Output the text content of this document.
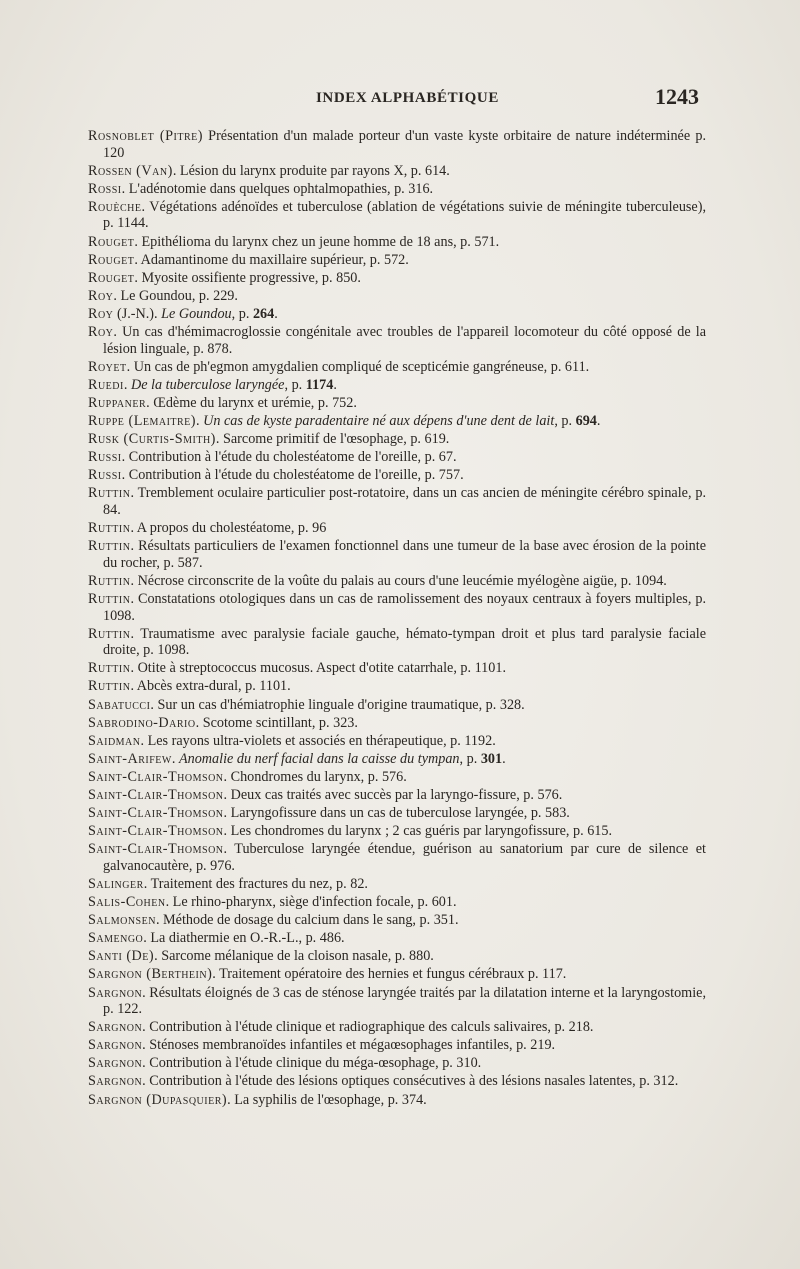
INDEX ALPHABÉTIQUE	1243

Rosnoblet (Pitre) Présentation d'un malade porteur d'un vaste kyste orbitaire de nature indéterminée p. 120

Rossen (Van). Lésion du larynx produite par rayons X, p. 614.

Rossi. L'adénotomie dans quelques ophtalmopathies, p. 316.

Rouèche. Végétations adénoïdes et tuberculose (ablation de végétations suivie de méningite tuberculeuse), p. 1144.

Rouget. Epithélioma du larynx chez un jeune homme de 18 ans, p. 571.

Rouget. Adamantinome du maxillaire supérieur, p. 572.

Rouget. Myosite ossifiente progressive, p. 850.

Roy. Le Goundou, p. 229.

Roy (J.-N.). Le Goundou, p. 264.

Roy. Un cas d'hémimacroglossie congénitale avec troubles de l'appareil locomoteur du côté opposé de la lésion linguale, p. 878.

Royet. Un cas de ph'egmon amygdalien compliqué de scepticémie gangréneuse, p. 611.

Ruedi. De la tuberculose laryngée, p. 1174.

Ruppaner. Œdème du larynx et urémie, p. 752.

Ruppe (Lemaitre). Un cas de kyste paradentaire né aux dépens d'une dent de lait, p. 694.

Rusk (Curtis-Smith). Sarcome primitif de l'œsophage, p. 619.

Russi. Contribution à l'étude du cholestéatome de l'oreille, p. 67.

Russi. Contribution à l'étude du cholestéatome de l'oreille, p. 757.

Ruttin. Tremblement oculaire particulier post-rotatoire, dans un cas ancien de méningite cérébro spinale, p. 84.

Ruttin. A propos du cholestéatome, p. 96

Ruttin. Résultats particuliers de l'examen fonctionnel dans une tumeur de la base avec érosion de la pointe du rocher, p. 587.

Ruttin. Nécrose circonscrite de la voûte du palais au cours d'une leucémie myélogène aigüe, p. 1094.

Ruttin. Constatations otologiques dans un cas de ramolissement des noyaux centraux à foyers multiples, p. 1098.

Ruttin. Traumatisme avec paralysie faciale gauche, hémato-tympan droit et plus tard paralysie faciale droite, p. 1098.

Ruttin. Otite à streptococcus mucosus. Aspect d'otite catarrhale, p. 1101.

Ruttin. Abcès extra-dural, p. 1101.

Sabatucci. Sur un cas d'hémiatrophie linguale d'origine traumatique, p. 328.

Sabrodino-Dario. Scotome scintillant, p. 323.

Saidman. Les rayons ultra-violets et associés en thérapeutique, p. 1192.

Saint-Arifew. Anomalie du nerf facial dans la caisse du tympan, p. 301.

Saint-Clair-Thomson. Chondromes du larynx, p. 576.

Saint-Clair-Thomson. Deux cas traités avec succès par la laryngo-fissure, p. 576.

Saint-Clair-Thomson. Laryngofissure dans un cas de tuberculose laryngée, p. 583.

Saint-Clair-Thomson. Les chondromes du larynx ; 2 cas guéris par laryngofissure, p. 615.

Saint-Clair-Thomson. Tuberculose laryngée étendue, guérison au sanatorium par cure de silence et galvanocautère, p. 976.

Salinger. Traitement des fractures du nez, p. 82.

Salis-Cohen. Le rhino-pharynx, siège d'infection focale, p. 601.

Salmonsen. Méthode de dosage du calcium dans le sang, p. 351.

Samengo. La diathermie en O.-R.-L., p. 486.

Santi (De). Sarcome mélanique de la cloison nasale, p. 880.

Sargnon (Berthein). Traitement opératoire des hernies et fungus cérébraux p. 117.

Sargnon. Résultats éloignés de 3 cas de sténose laryngée traités par la dilatation interne et la laryngostomie, p. 122.

Sargnon. Contribution à l'étude clinique et radiographique des calculs salivaires, p. 218.

Sargnon. Sténoses membranoïdes infantiles et mégaœsophages infantiles, p. 219.

Sargnon. Contribution à l'étude clinique du méga-œsophage, p. 310.

Sargnon. Contribution à l'étude des lésions optiques consécutives à des lésions nasales latentes, p. 312.

Sargnon (Dupasquier). La syphilis de l'œsophage, p. 374.
